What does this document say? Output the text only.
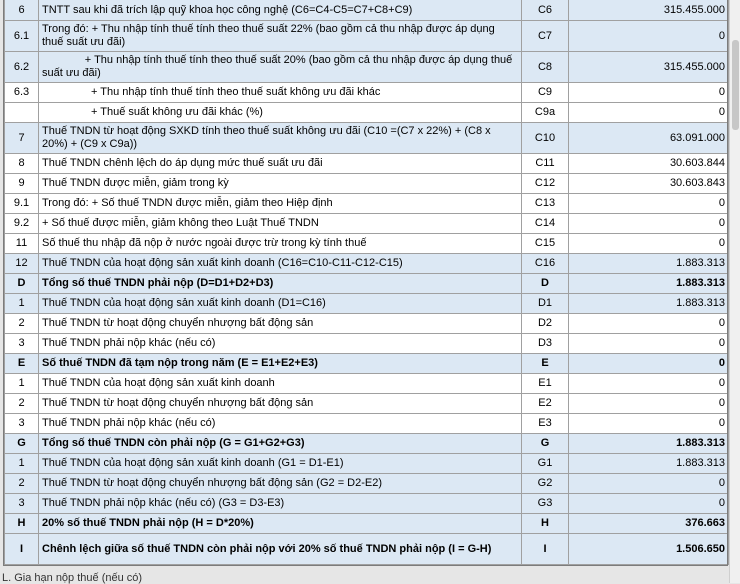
6	TNTT sau khi đã trích lập quỹ khoa học công nghệ (C6=C4-C5=C7+C8+C9)	C6	315.455.000
6.1	Trong đó: + Thu nhập tính thuế tính theo thuế suất 22% (bao gồm cả thu nhập được áp dụng thuế suất ưu đãi)	C7	0
6.2	+ Thu nhập tính thuế tính theo thuế suất 20% (bao gồm cả thu nhập được áp dụng thuế suất ưu đãi)	C8	315.455.000
6.3	+ Thu nhập tính thuế tính theo thuế suất không ưu đãi khác	C9	0
	+ Thuế suất không ưu đãi khác (%)	C9a	0
7	Thuế TNDN từ hoạt động SXKD tính theo thuế suất không ưu đãi (C10 =(C7 x 22%) + (C8 x 20%) + (C9 x C9a))	C10	63.091.000
8	Thuế TNDN chênh lệch do áp dụng mức thuế suất ưu đãi	C11	30.603.844
9	Thuế TNDN được miễn, giảm trong kỳ	C12	30.603.843
9.1	Trong đó: + Số thuế TNDN được miễn, giảm theo Hiệp định	C13	0
9.2	+ Số thuế được miễn, giảm không theo Luật Thuế TNDN	C14	0
11	Số thuế thu nhập đã nộp ở nước ngoài được trừ trong kỳ tính thuế	C15	0
12	Thuế TNDN của hoạt động sản xuất kinh doanh (C16=C10-C11-C12-C15)	C16	1.883.313
D	Tổng số thuế TNDN phải nộp (D=D1+D2+D3)	D	1.883.313
1	Thuế TNDN của hoạt động sản xuất kinh doanh (D1=C16)	D1	1.883.313
2	Thuế TNDN từ hoạt động chuyển nhượng bất động sản	D2	0
3	Thuế TNDN phải nộp khác (nếu có)	D3	0
E	Số thuế TNDN đã tạm nộp trong năm (E = E1+E2+E3)	E	0
1	Thuế TNDN của hoạt động sản xuất kinh doanh	E1	0
2	Thuế TNDN từ hoạt động chuyển nhượng bất động sản	E2	0
3	Thuế TNDN phải nộp khác (nếu có)	E3	0
G	Tổng số thuế TNDN còn phải nộp (G = G1+G2+G3)	G	1.883.313
1	Thuế TNDN của hoạt động sản xuất kinh doanh (G1 = D1-E1)	G1	1.883.313
2	Thuế TNDN từ hoạt động chuyển nhượng bất động sản (G2 = D2-E2)	G2	0
3	Thuế TNDN phải nộp khác (nếu có) (G3 = D3-E3)	G3	0
H	20% số thuế TNDN phải nộp (H = D*20%)	H	376.663
I	Chênh lệch giữa số thuế TNDN còn phải nộp với 20% số thuế TNDN phải nộp (I = G-H)	I	1.506.650
L. Gia hạn nộp thuế (nếu có)
